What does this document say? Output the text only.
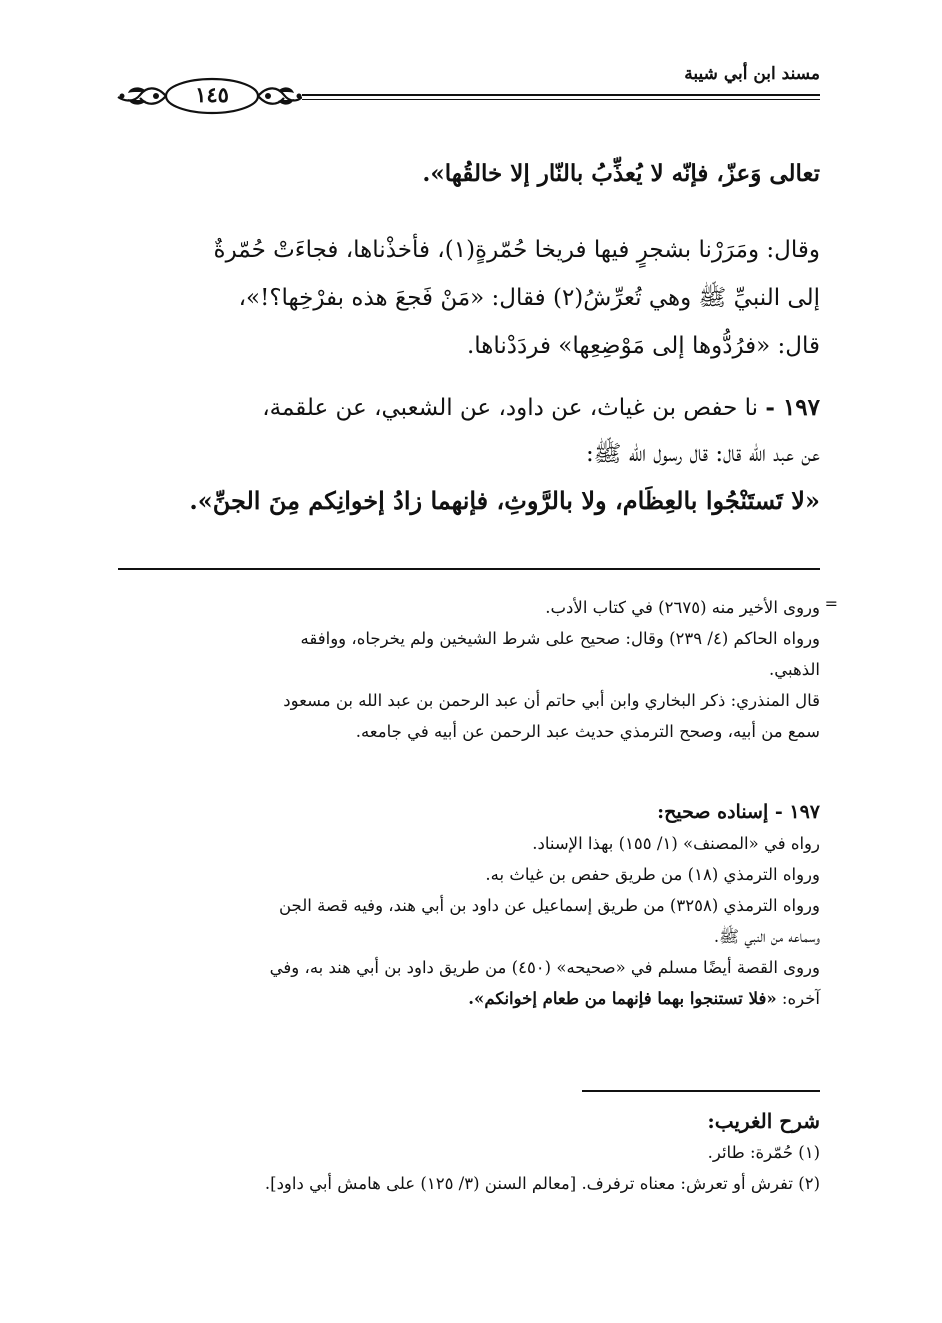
مسند ابن أبي شيبة
١٤٥
تعالى وَعزّ، فإنّه لا يُعذِّبُ بالنّار إلا خالقُها».

وقال: ومَرَرْنا بشجرٍ فيها فريخا حُمّرةٍ(١)، فأخذْناها، فجاءَتْ حُمّرةٌ

إلى النبيِّ ﷺ وهي تُعرِّشُ(٢) فقال: «مَنْ فَجعَ هذه بفرْخِها؟!»،

قال: «فرُدُّوها إلى مَوْضِعِها» فردَدْناها.

١٩٧ - نا حفص بن غياث، عن داود، عن الشعبي، عن علقمة،

عن عبد الله قال: قال رسول الله ﷺ:

«لا تَستَنْجُوا بالعِظَام، ولا بالرَّوثِ، فإنهما زادُ إخوانِكم مِنَ الجنِّ».
=

وروى الأخير منه (٢٦٧٥) في كتاب الأدب.

ورواه الحاكم (٤/ ٢٣٩) وقال: صحيح على شرط الشيخين ولم يخرجاه، ووافقه

الذهبي.

قال المنذري: ذكر البخاري وابن أبي حاتم أن عبد الرحمن بن عبد الله بن مسعود

سمع من أبيه، وصحح الترمذي حديث عبد الرحمن عن أبيه في جامعه.

١٩٧ - إسناده صحيح:

رواه في «المصنف» (١/ ١٥٥) بهذا الإسناد.

ورواه الترمذي (١٨) من طريق حفص بن غياث به.

ورواه الترمذي (٣٢٥٨) من طريق إسماعيل عن داود بن أبي هند، وفيه قصة الجن

وسماعه من النبي ﷺ.

وروى القصة أيضًا مسلم في «صحيحه» (٤٥٠) من طريق داود بن أبي هند به، وفي

آخره: «فلا تستنجوا بهما فإنهما من طعام إخوانكم».

شرح الغريب:

(١) حُمّرة: طائر.

(٢) تفرش أو تعرش: معناه ترفرف. [معالم السنن (٣/ ١٢٥) على هامش أبي داود].
